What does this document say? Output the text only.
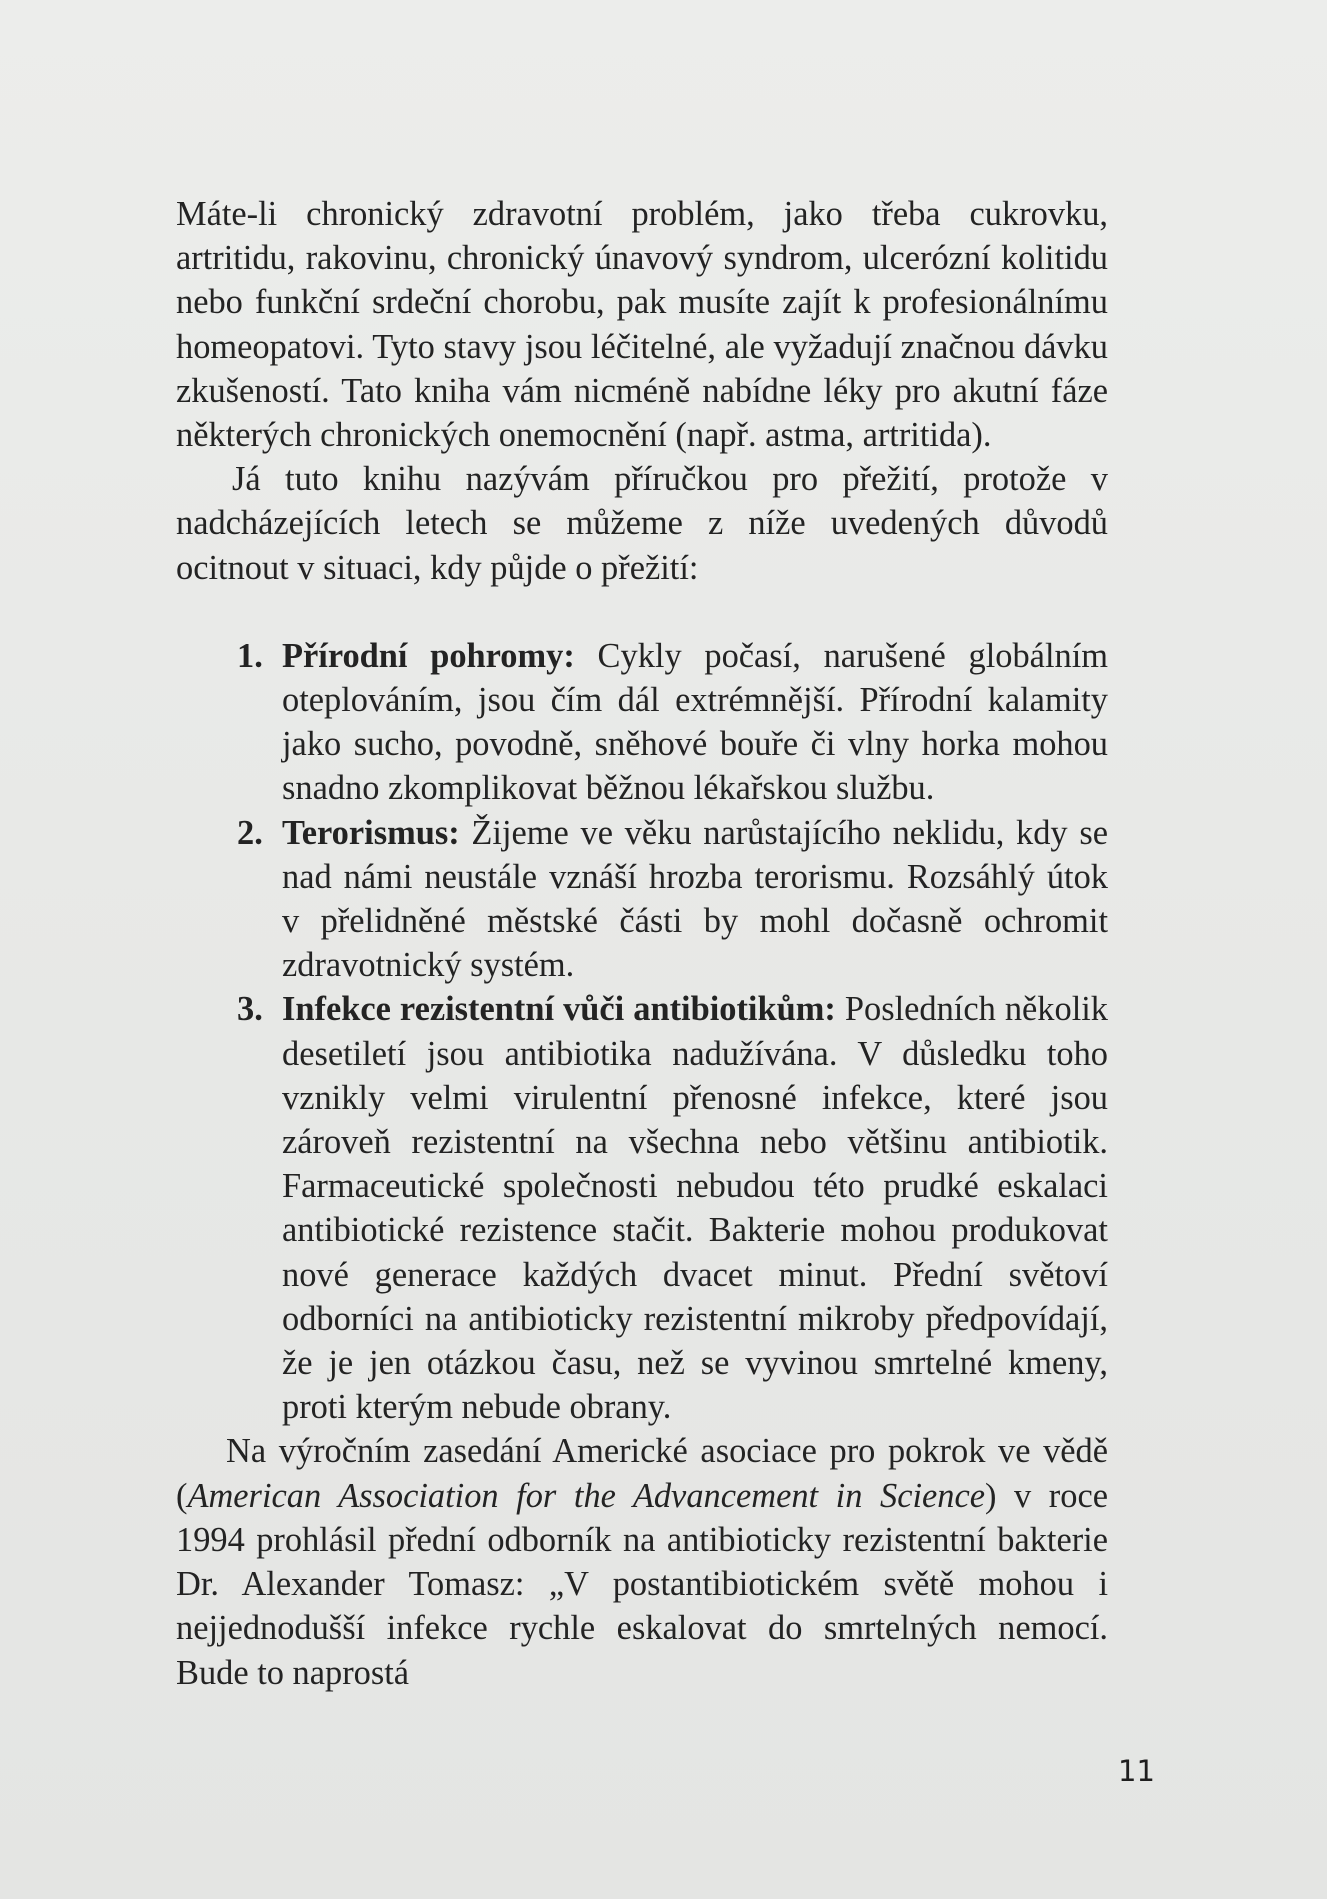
Máte-li chronický zdravotní problém, jako třeba cukrovku, artritidu, rakovinu, chronický únavový syndrom, ulcerózní kolitidu nebo funkční srdeční chorobu, pak musíte zajít k profesionálnímu homeopatovi. Tyto stavy jsou léčitelné, ale vyžadují značnou dávku zkušeností. Tato kniha vám nicméně nabídne léky pro akutní fáze některých chronických onemocnění (např. astma, artritida).

Já tuto knihu nazývám příručkou pro přežití, protože v nadcházejících letech se můžeme z níže uvedených důvodů ocitnout v situaci, kdy půjde o přežití:

1. Přírodní pohromy: Cykly počasí, narušené globálním oteplováním, jsou čím dál extrémnější. Přírodní kalamity jako sucho, povodně, sněhové bouře či vlny horka mohou snadno zkomplikovat běžnou lékařskou službu.
2. Terorismus: Žijeme ve věku narůstajícího neklidu, kdy se nad námi neustále vznáší hrozba terorismu. Rozsáhlý útok v přelidněné městské části by mohl dočasně ochromit zdravotnický systém.
3. Infekce rezistentní vůči antibiotikům: Posledních několik desetiletí jsou antibiotika nadužívána. V důsledku toho vznikly velmi virulentní přenosné infekce, které jsou zároveň rezistentní na všechna nebo většinu antibiotik. Farmaceutické společnosti nebudou této prudké eskalaci antibiotické rezistence stačit. Bakterie mohou produkovat nové generace každých dvacet minut. Přední světoví odborníci na antibioticky rezistentní mikroby předpovídají, že je jen otázkou času, než se vyvinou smrtelné kmeny, proti kterým nebude obrany.

Na výročním zasedání Americké asociace pro pokrok ve vědě (American Association for the Advancement in Science) v roce 1994 prohlásil přední odborník na antibioticky rezistentní bakterie Dr. Alexander Tomasz: „V postantibiotickém světě mohou i nejjednodušší infekce rychle eskalovat do smrtelných nemocí. Bude to naprostá

11
